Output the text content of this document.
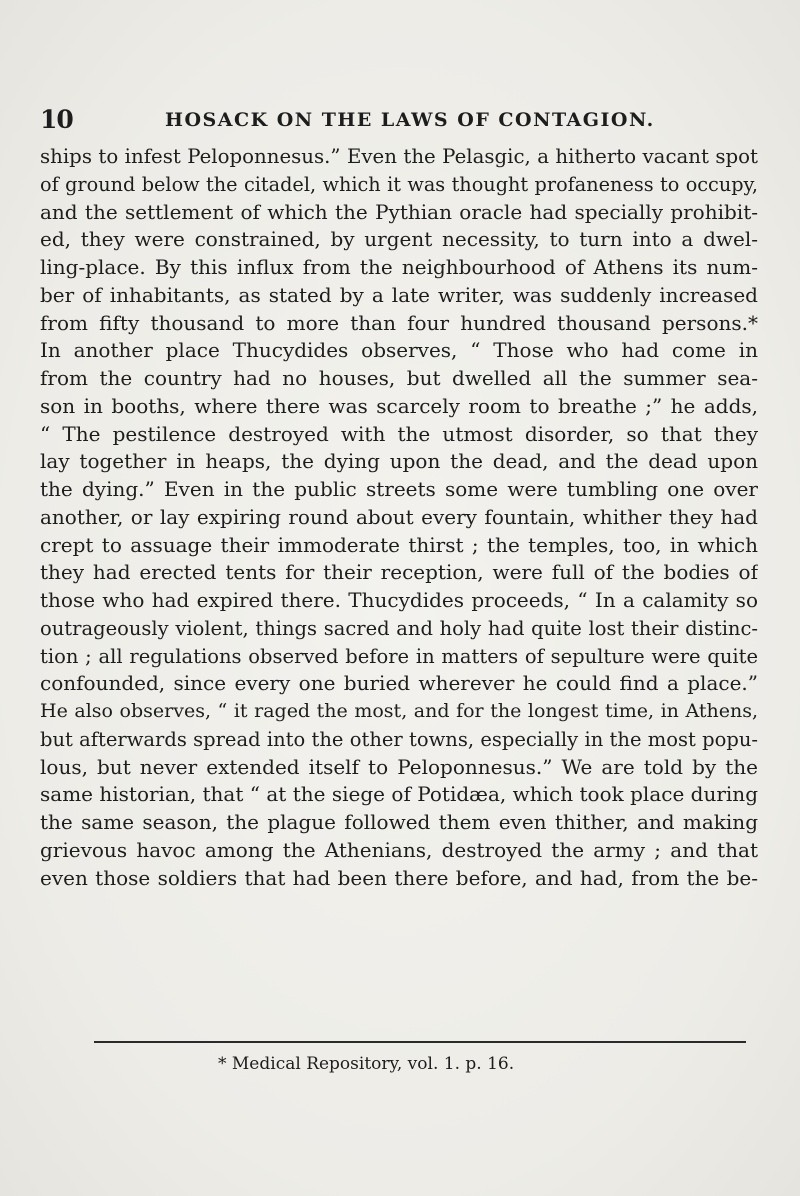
10	HOSACK ON THE LAWS OF CONTAGION.
ships to infest Peloponnesus.” Even the Pelasgic, a hitherto vacant spot
of ground below the citadel, which it was thought profaneness to occupy,
and the settlement of which the Pythian oracle had specially prohibit-
ed, they were constrained, by urgent necessity, to turn into a dwel-
ling-place. By this influx from the neighbourhood of Athens its num-
ber of inhabitants, as stated by a late writer, was suddenly increased
from fifty thousand to more than four hundred thousand persons.*
In another place Thucydides observes, “ Those who had come in
from the country had no houses, but dwelled all the summer sea-
son in booths, where there was scarcely room to breathe ;” he adds,
“ The pestilence destroyed with the utmost disorder, so that they
lay together in heaps, the dying upon the dead, and the dead upon
the dying.” Even in the public streets some were tumbling one over
another, or lay expiring round about every fountain, whither they had
crept to assuage their immoderate thirst ; the temples, too, in which
they had erected tents for their reception, were full of the bodies of
those who had expired there. Thucydides proceeds, “ In a calamity so
outrageously violent, things sacred and holy had quite lost their distinc-
tion ; all regulations observed before in matters of sepulture were quite
confounded, since every one buried wherever he could find a place.”
He also observes, “ it raged the most, and for the longest time, in Athens,
but afterwards spread into the other towns, especially in the most popu-
lous, but never extended itself to Peloponnesus.” We are told by the
same historian, that “ at the siege of Potidæa, which took place during
the same season, the plague followed them even thither, and making
grievous havoc among the Athenians, destroyed the army ; and that
even those soldiers that had been there before, and had, from the be-
* Medical Repository, vol. 1. p. 16.
